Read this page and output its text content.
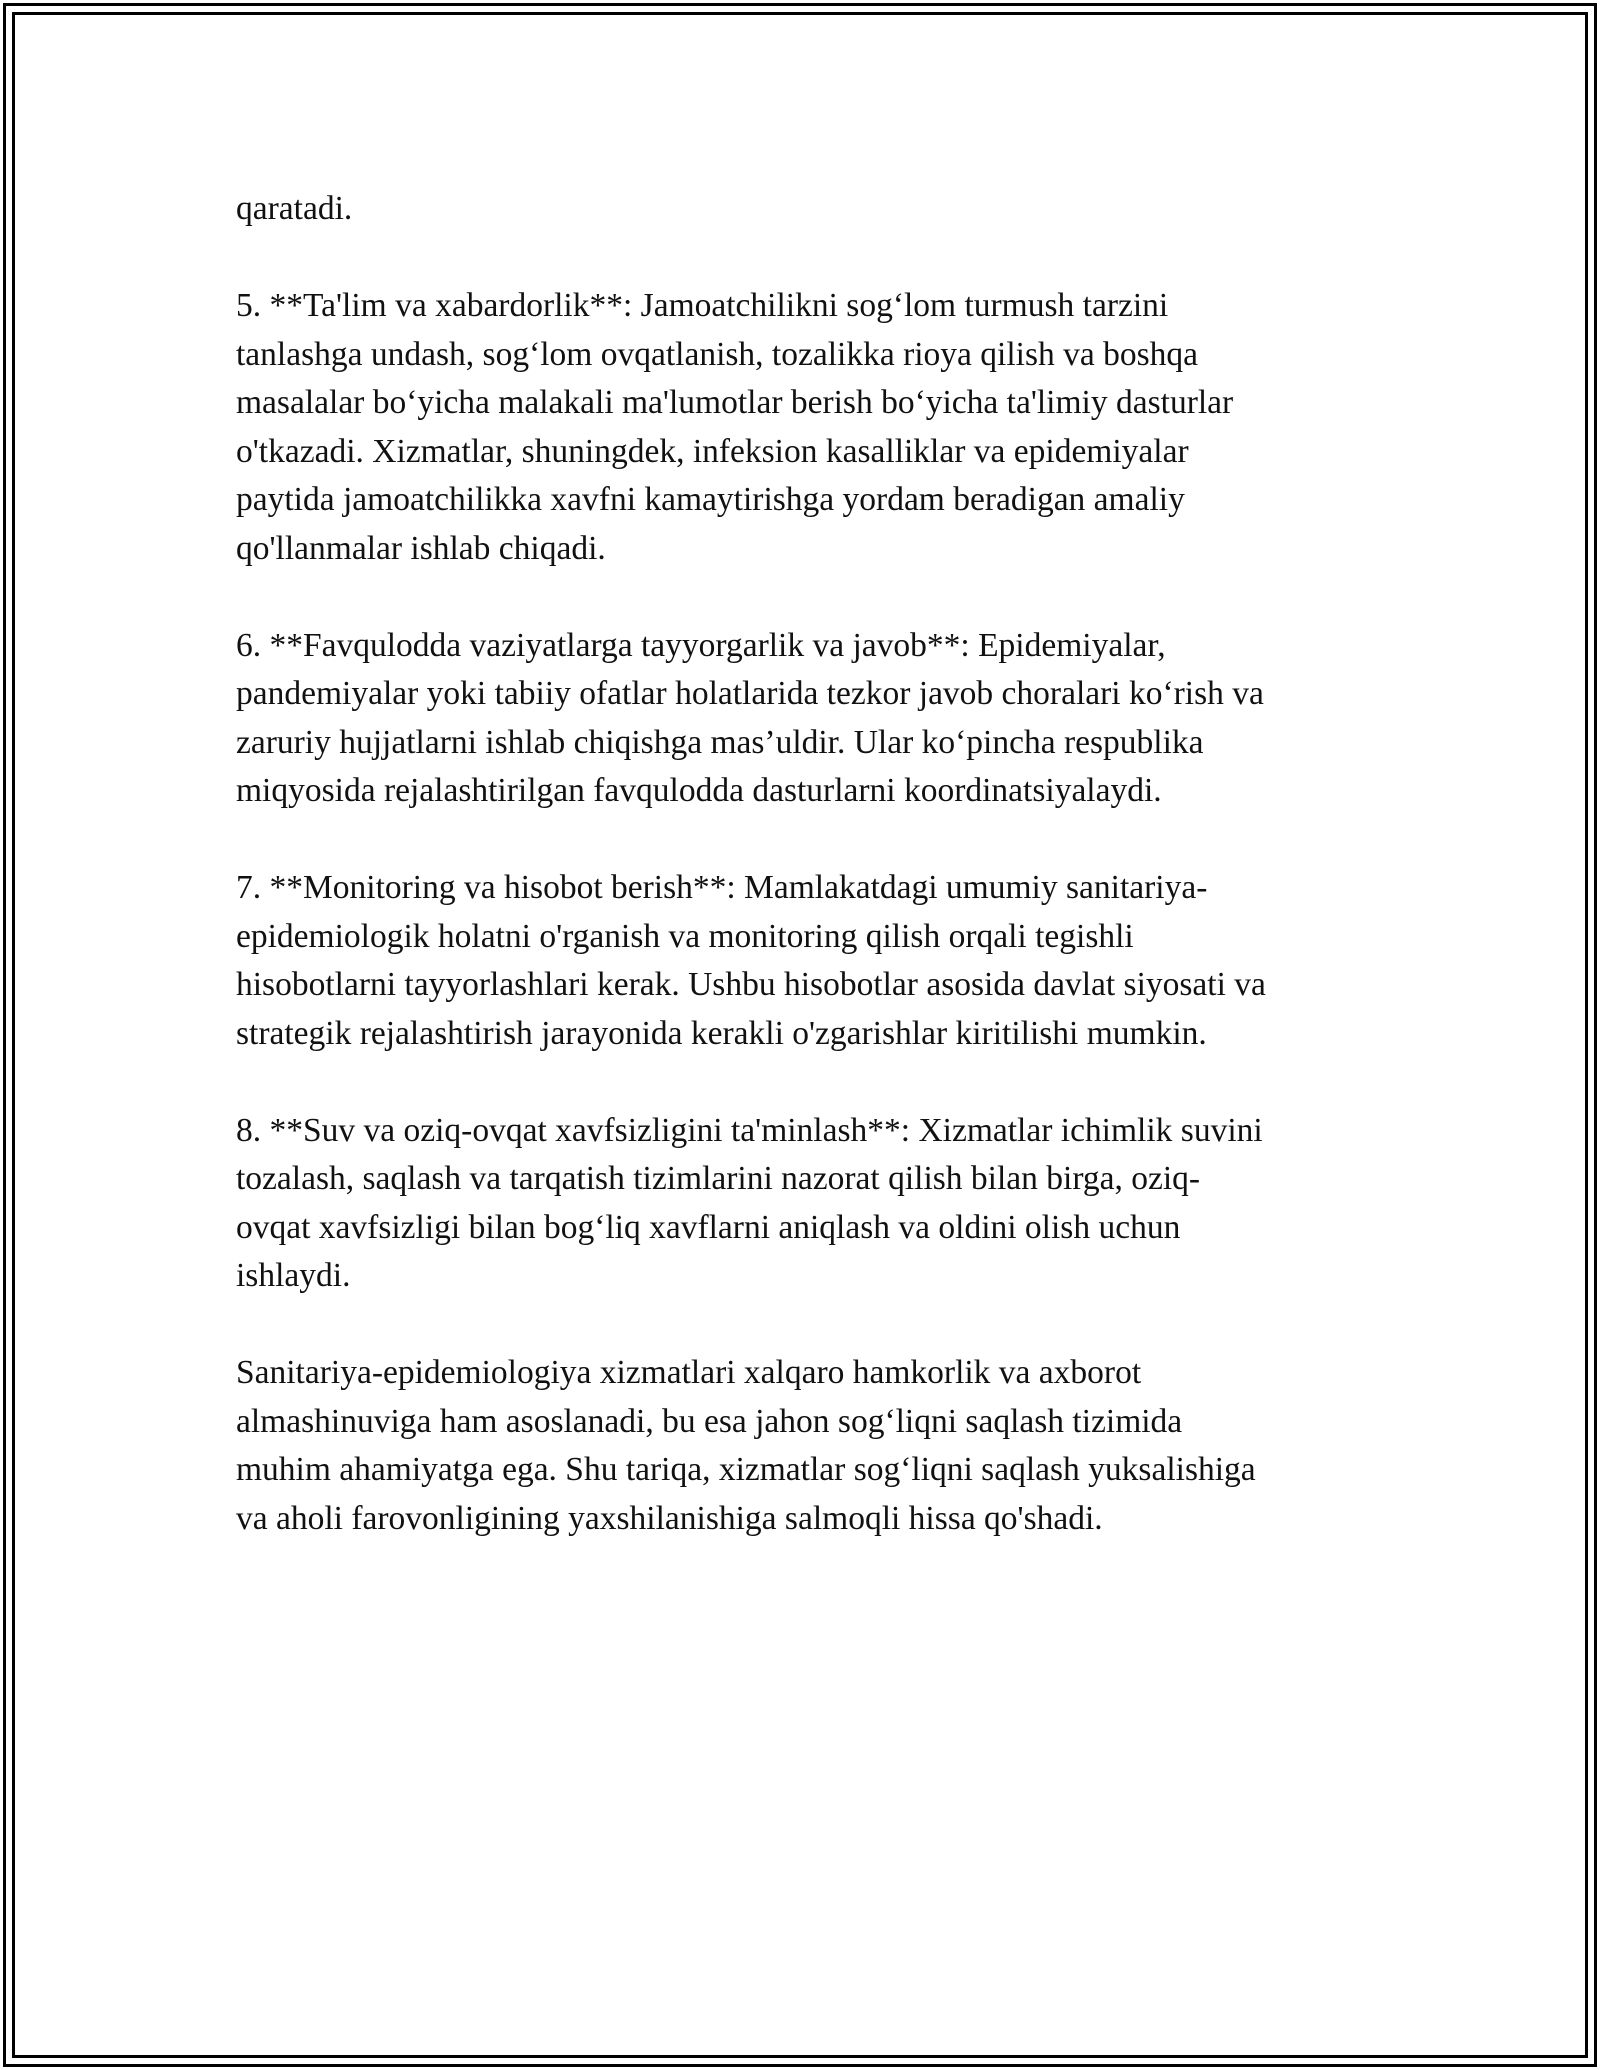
qaratadi.

5. **Ta'lim va xabardorlik**: Jamoatchilikni sog‘lom turmush tarzini
tanlashga undash, sog‘lom ovqatlanish, tozalikka rioya qilish va boshqa
masalalar bo‘yicha malakali ma'lumotlar berish bo‘yicha ta'limiy dasturlar
o'tkazadi. Xizmatlar, shuningdek, infeksion kasalliklar va epidemiyalar
paytida jamoatchilikka xavfni kamaytirishga yordam beradigan amaliy
qo'llanmalar ishlab chiqadi.

6. **Favqulodda vaziyatlarga tayyorgarlik va javob**: Epidemiyalar,
pandemiyalar yoki tabiiy ofatlar holatlarida tezkor javob choralari ko‘rish va
zaruriy hujjatlarni ishlab chiqishga mas’uldir. Ular ko‘pincha respublika
miqyosida rejalashtirilgan favqulodda dasturlarni koordinatsiyalaydi.

7. **Monitoring va hisobot berish**: Mamlakatdagi umumiy sanitariya-
epidemiologik holatni o'rganish va monitoring qilish orqali tegishli
hisobotlarni tayyorlashlari kerak. Ushbu hisobotlar asosida davlat siyosati va
strategik rejalashtirish jarayonida kerakli o'zgarishlar kiritilishi mumkin.

8. **Suv va oziq-ovqat xavfsizligini ta'minlash**: Xizmatlar ichimlik suvini
tozalash, saqlash va tarqatish tizimlarini nazorat qilish bilan birga, oziq-
ovqat xavfsizligi bilan bog‘liq xavflarni aniqlash va oldini olish uchun
ishlaydi.

Sanitariya-epidemiologiya xizmatlari xalqaro hamkorlik va axborot
almashinuviga ham asoslanadi, bu esa jahon sog‘liqni saqlash tizimida
muhim ahamiyatga ega. Shu tariqa, xizmatlar sog‘liqni saqlash yuksalishiga
va aholi farovonligining yaxshilanishiga salmoqli hissa qo'shadi.
